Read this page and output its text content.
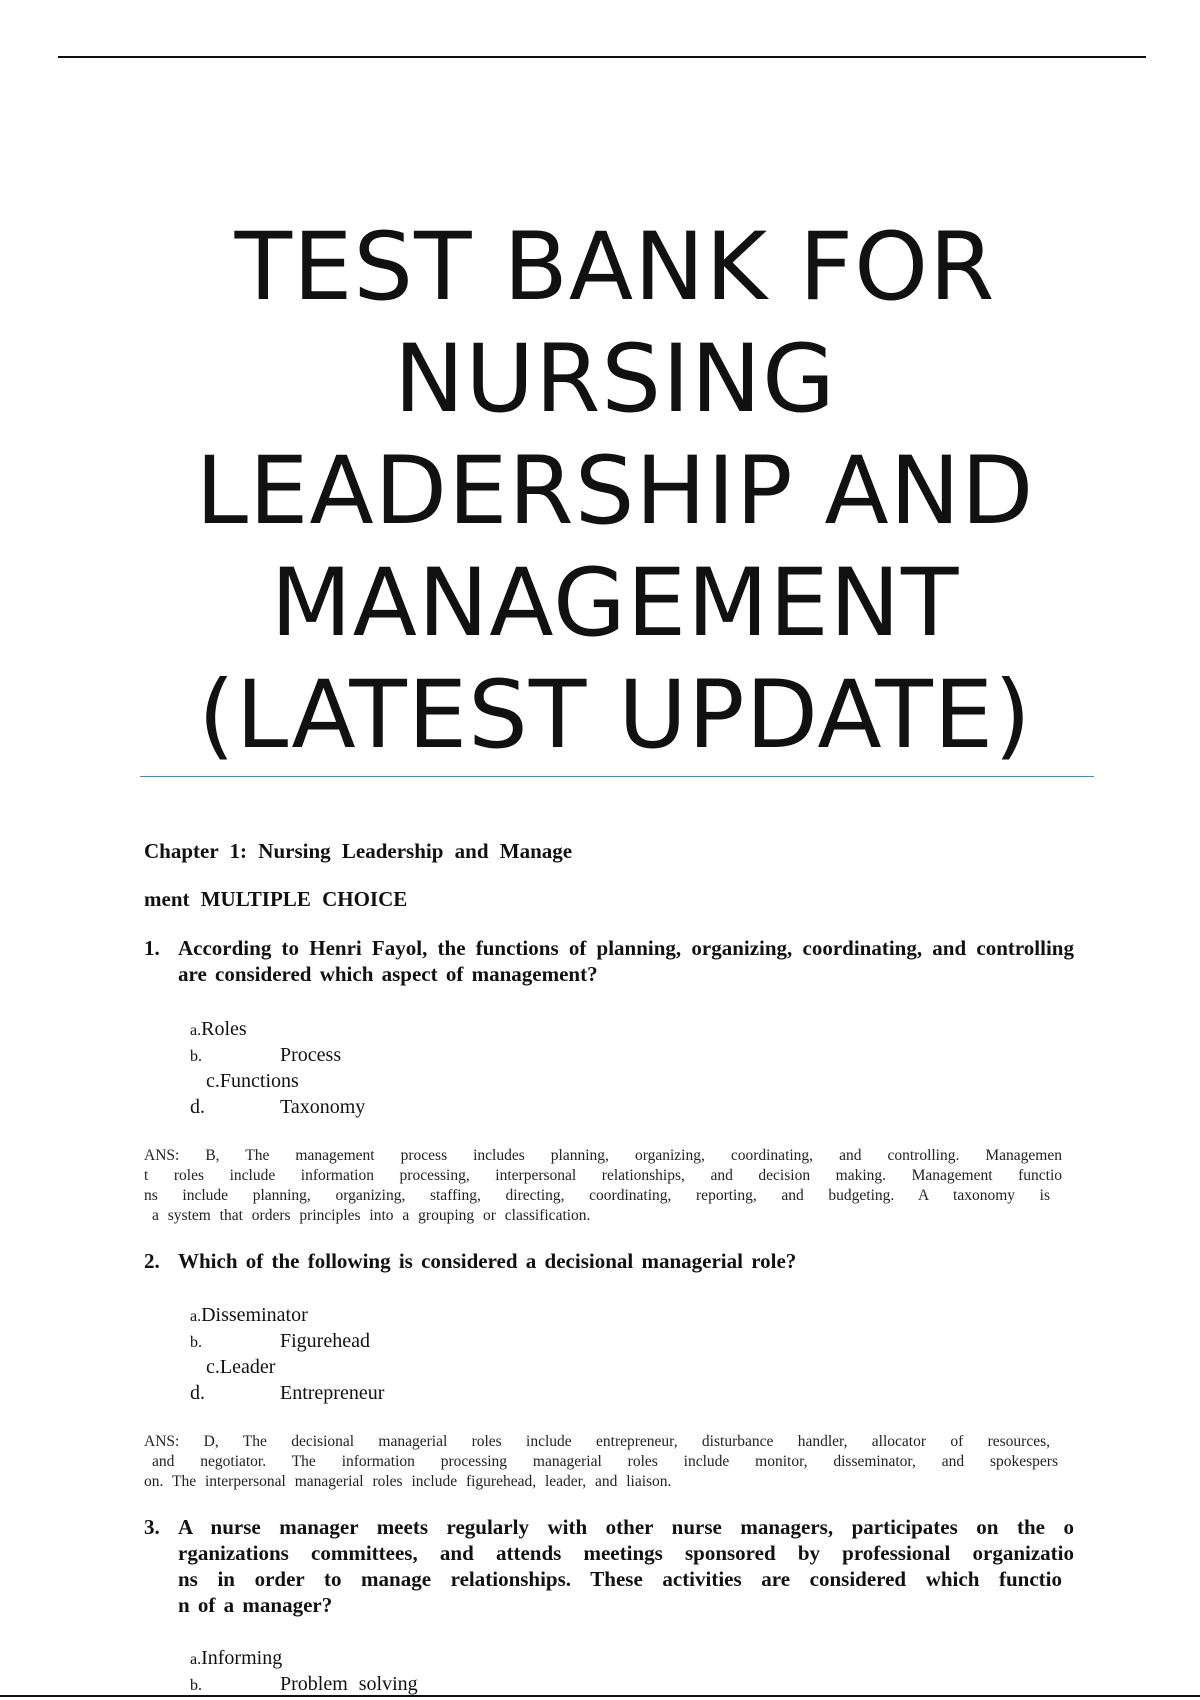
TEST BANK FOR
NURSING
LEADERSHIP AND
MANAGEMENT
(LATEST UPDATE)
Chapter 1: Nursing Leadership and Manage
ment MULTIPLE CHOICE
1. According to Henri Fayol, the functions of planning, organizing, coordinating, and controlling are considered which aspect of management?
a.Roles
b.	Process
c.Functions
d.	Taxonomy
ANS: B, The management process includes planning, organizing, coordinating, and controlling. Managemen
t roles include information processing, interpersonal relationships, and decision making. Management functio
ns include planning, organizing, staffing, directing, coordinating, reporting, and budgeting. A taxonomy is
a system that orders principles into a grouping or classification.
2. Which of the following is considered a decisional managerial role?
a.Disseminator
b.	Figurehead
c.Leader
d.	Entrepreneur
ANS: D, The decisional managerial roles include entrepreneur, disturbance handler, allocator of resources,
and negotiator. The information processing managerial roles include monitor, disseminator, and spokespers
on. The interpersonal managerial roles include figurehead, leader, and liaison.
3. A nurse manager meets regularly with other nurse managers, participates on the o
rganizations committees, and attends meetings sponsored by professional organizatio
ns in order to manage relationships. These activities are considered which functio
n of a manager?
a.Informing
b.	Problem solving
